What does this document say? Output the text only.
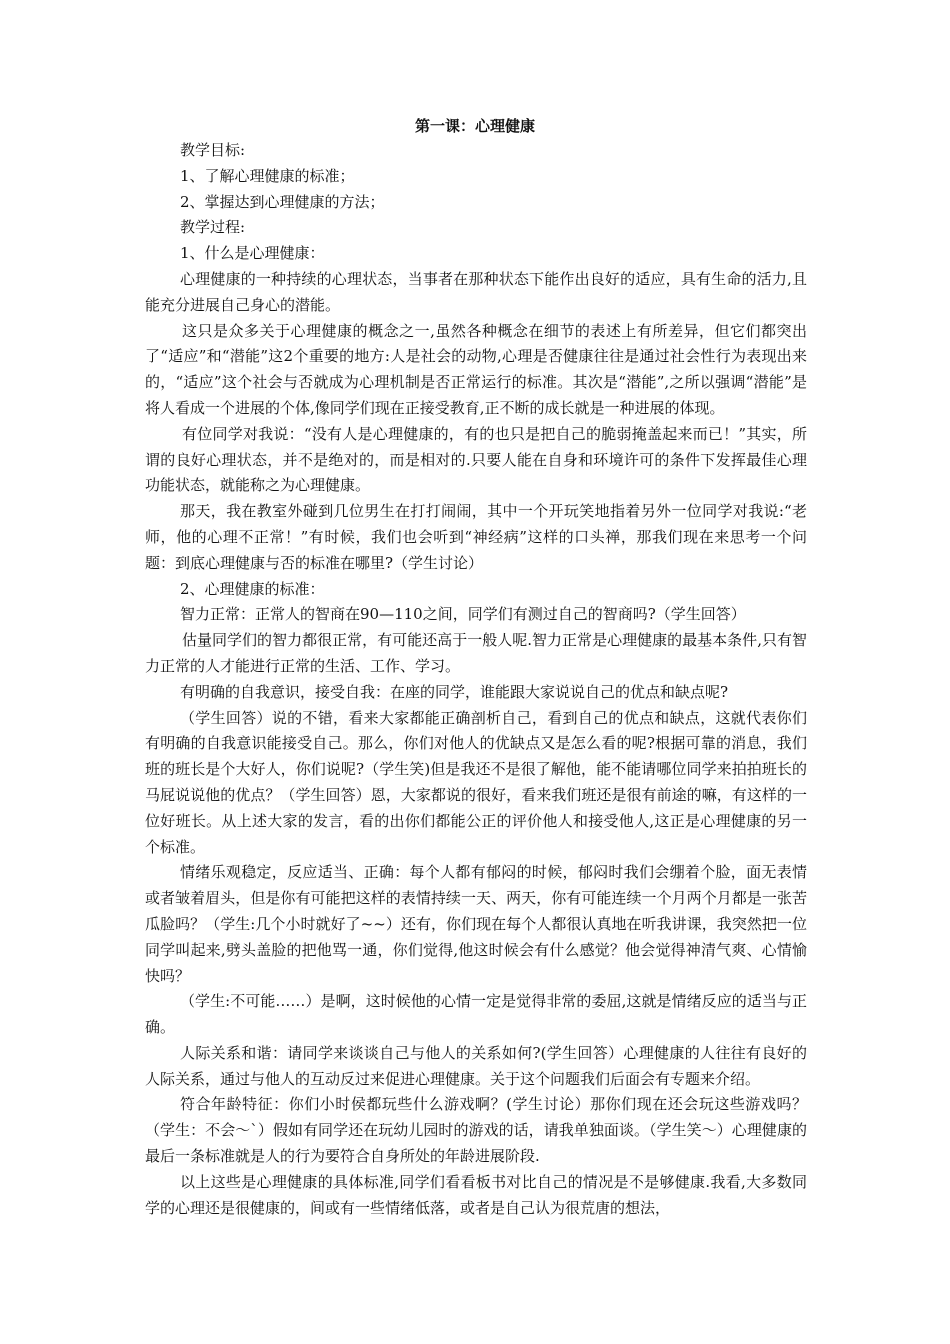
第一课：心理健康

教学目标:

1、了解心理健康的标准；

2、掌握达到心理健康的方法；

教学过程:

1、什么是心理健康：

心理健康的一种持续的心理状态，当事者在那种状态下能作出良好的适应，具有生命的活力,且能充分进展自己身心的潜能。

这只是众多关于心理健康的概念之一,虽然各种概念在细节的表述上有所差异，但它们都突出了“适应”和“潜能”这2个重要的地方:人是社会的动物,心理是否健康往往是通过社会性行为表现出来的，“适应”这个社会与否就成为心理机制是否正常运行的标准。其次是“潜能”,之所以强调“潜能”是将人看成一个进展的个体,像同学们现在正接受教育,正不断的成长就是一种进展的体现。

有位同学对我说：“没有人是心理健康的，有的也只是把自己的脆弱掩盖起来而已！”其实，所谓的良好心理状态，并不是绝对的，而是相对的.只要人能在自身和环境许可的条件下发挥最佳心理功能状态，就能称之为心理健康。

那天，我在教室外碰到几位男生在打打闹闹，其中一个开玩笑地指着另外一位同学对我说:“老师，他的心理不正常！”有时候，我们也会听到“神经病”这样的口头禅，那我们现在来思考一个问题：到底心理健康与否的标准在哪里?（学生讨论）

2、心理健康的标准：

智力正常：正常人的智商在90—110之间，同学们有测过自己的智商吗?（学生回答）

估量同学们的智力都很正常，有可能还高于一般人呢.智力正常是心理健康的最基本条件,只有智力正常的人才能进行正常的生活、工作、学习。

有明确的自我意识，接受自我：在座的同学，谁能跟大家说说自己的优点和缺点呢?

（学生回答）说的不错，看来大家都能正确剖析自己，看到自己的优点和缺点，这就代表你们有明确的自我意识能接受自己。那么，你们对他人的优缺点又是怎么看的呢?根据可靠的消息，我们班的班长是个大好人，你们说呢?（学生笑)但是我还不是很了解他，能不能请哪位同学来拍拍班长的马屁说说他的优点？（学生回答）恩，大家都说的很好，看来我们班还是很有前途的嘛，有这样的一位好班长。从上述大家的发言，看的出你们都能公正的评价他人和接受他人,这正是心理健康的另一个标准。

情绪乐观稳定，反应适当、正确：每个人都有郁闷的时候，郁闷时我们会绷着个脸，面无表情或者皱着眉头，但是你有可能把这样的表情持续一天、两天，你有可能连续一个月两个月都是一张苦瓜脸吗？（学生:几个小时就好了~~）还有，你们现在每个人都很认真地在听我讲课，我突然把一位同学叫起来,劈头盖脸的把他骂一通，你们觉得,他这时候会有什么感觉？他会觉得神清气爽、心情愉快吗？

（学生:不可能……）是啊，这时候他的心情一定是觉得非常的委屈,这就是情绪反应的适当与正确。

人际关系和谐：请同学来谈谈自己与他人的关系如何?(学生回答）心理健康的人往往有良好的人际关系，通过与他人的互动反过来促进心理健康。关于这个问题我们后面会有专题来介绍。

符合年龄特征：你们小时侯都玩些什么游戏啊？(学生讨论）那你们现在还会玩这些游戏吗？（学生：不会～`）假如有同学还在玩幼儿园时的游戏的话，请我单独面谈。（学生笑～）心理健康的最后一条标准就是人的行为要符合自身所处的年龄进展阶段.

以上这些是心理健康的具体标准,同学们看看板书对比自己的情况是不是够健康.我看,大多数同学的心理还是很健康的，间或有一些情绪低落，或者是自己认为很荒唐的想法，
